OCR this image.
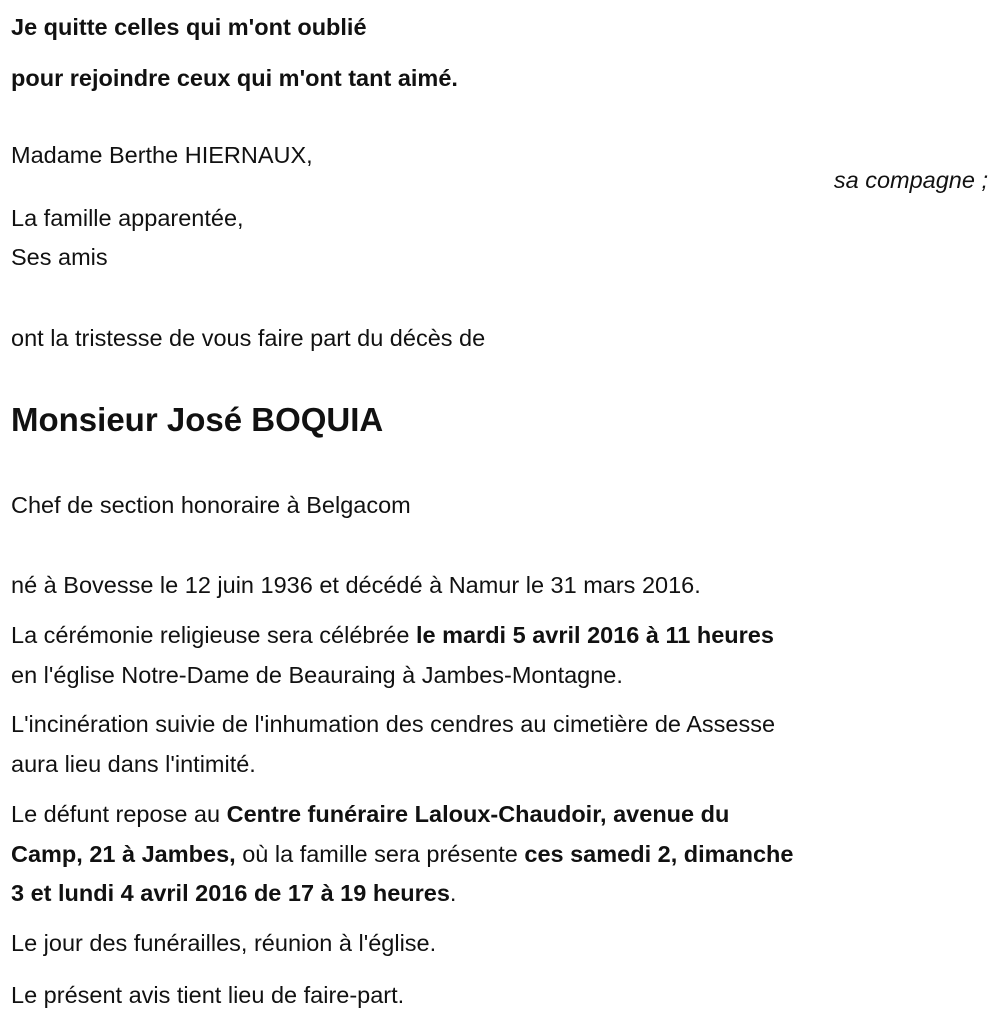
Je quitte celles qui m'ont oublié
pour rejoindre ceux qui m'ont tant aimé.
Madame Berthe HIERNAUX,
sa compagne ;
La famille apparentée,
Ses amis
ont la tristesse de vous faire part du décès de
Monsieur José BOQUIA
Chef de section honoraire à Belgacom
né à Bovesse le 12 juin 1936 et décédé à Namur le 31 mars 2016.
La cérémonie religieuse sera célébrée le mardi 5 avril 2016 à 11 heures
en l'église Notre-Dame de Beauraing à Jambes-Montagne.
L'incinération suivie de l'inhumation des cendres au cimetière de Assesse
aura lieu dans l'intimité.
Le défunt repose au Centre funéraire Laloux-Chaudoir, avenue du
Camp, 21 à Jambes, où la famille sera présente ces samedi 2, dimanche
3 et lundi 4 avril 2016 de 17 à 19 heures.
Le jour des funérailles, réunion à l'église.
Le présent avis tient lieu de faire-part.
